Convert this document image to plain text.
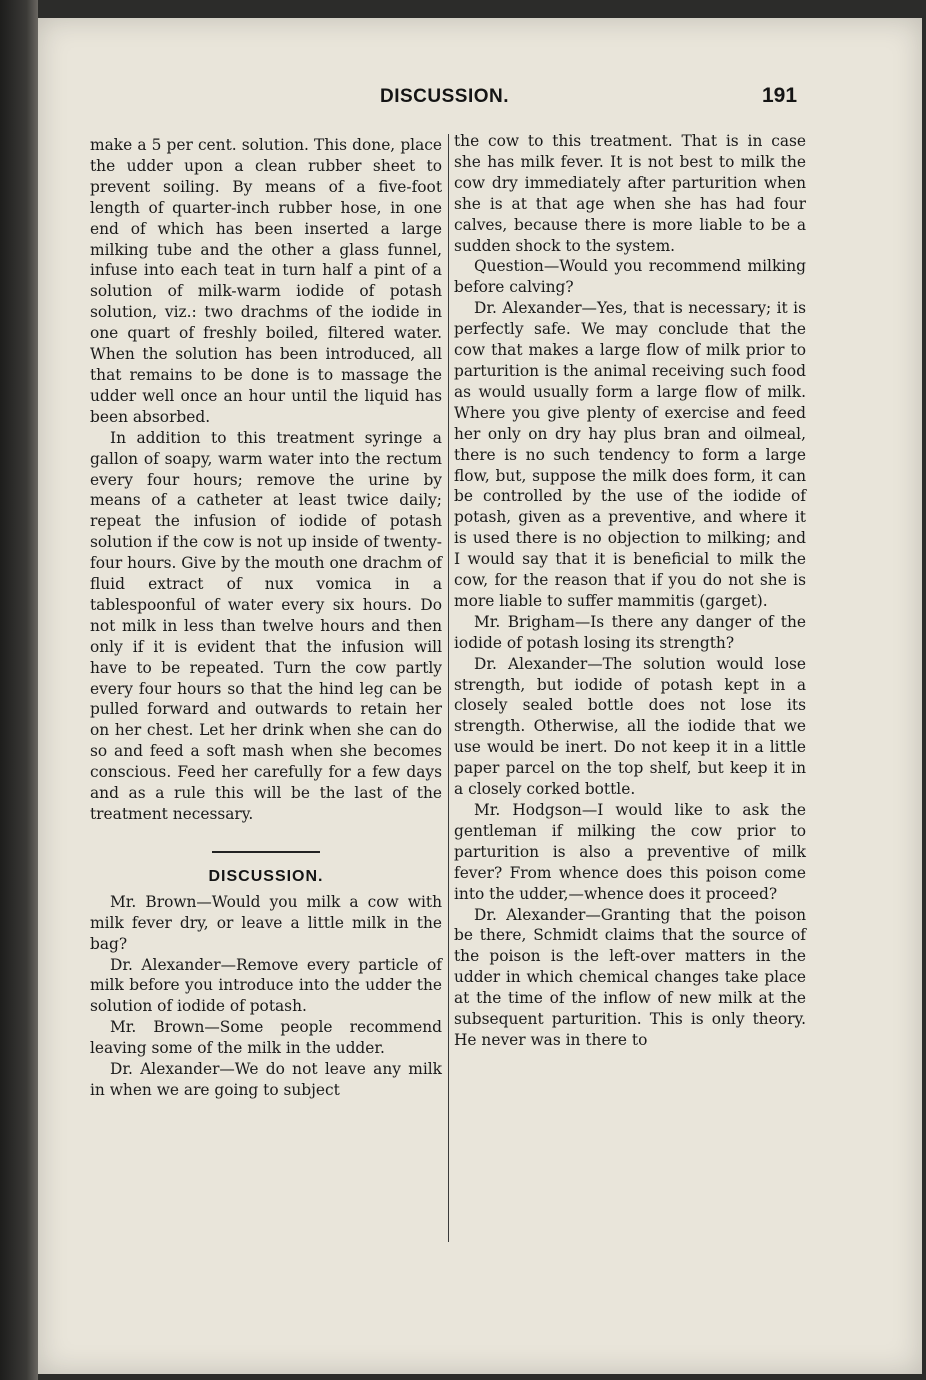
DISCUSSION.	191

make a 5 per cent. solution. This done, place the udder upon a clean rubber sheet to prevent soiling. By means of a five-foot length of quarter-inch rubber hose, in one end of which has been inserted a large milking tube and the other a glass funnel, infuse into each teat in turn half a pint of a solution of milk-warm iodide of potash solution, viz.: two drachms of the iodide in one quart of freshly boiled, filtered water. When the solution has been introduced, all that remains to be done is to massage the udder well once an hour until the liquid has been absorbed.

In addition to this treatment syringe a gallon of soapy, warm water into the rectum every four hours; remove the urine by means of a catheter at least twice daily; repeat the infusion of iodide of potash solution if the cow is not up inside of twenty-four hours. Give by the mouth one drachm of fluid extract of nux vomica in a tablespoonful of water every six hours. Do not milk in less than twelve hours and then only if it is evident that the infusion will have to be repeated. Turn the cow partly every four hours so that the hind leg can be pulled forward and outwards to retain her on her chest. Let her drink when she can do so and feed a soft mash when she becomes conscious. Feed her carefully for a few days and as a rule this will be the last of the treatment necessary.

DISCUSSION.

Mr. Brown—Would you milk a cow with milk fever dry, or leave a little milk in the bag?

Dr. Alexander—Remove every particle of milk before you introduce into the udder the solution of iodide of potash.

Mr. Brown—Some people recommend leaving some of the milk in the udder.

Dr. Alexander—We do not leave any milk in when we are going to subject

the cow to this treatment. That is in case she has milk fever. It is not best to milk the cow dry immediately after parturition when she is at that age when she has had four calves, because there is more liable to be a sudden shock to the system.

Question—Would you recommend milking before calving?

Dr. Alexander—Yes, that is necessary; it is perfectly safe. We may conclude that the cow that makes a large flow of milk prior to parturition is the animal receiving such food as would usually form a large flow of milk. Where you give plenty of exercise and feed her only on dry hay plus bran and oilmeal, there is no such tendency to form a large flow, but, suppose the milk does form, it can be controlled by the use of the iodide of potash, given as a preventive, and where it is used there is no objection to milking; and I would say that it is beneficial to milk the cow, for the reason that if you do not she is more liable to suffer mammitis (garget).

Mr. Brigham—Is there any danger of the iodide of potash losing its strength?

Dr. Alexander—The solution would lose strength, but iodide of potash kept in a closely sealed bottle does not lose its strength. Otherwise, all the iodide that we use would be inert. Do not keep it in a little paper parcel on the top shelf, but keep it in a closely corked bottle.

Mr. Hodgson—I would like to ask the gentleman if milking the cow prior to parturition is also a preventive of milk fever? From whence does this poison come into the udder,—whence does it proceed?

Dr. Alexander—Granting that the poison be there, Schmidt claims that the source of the poison is the left-over matters in the udder in which chemical changes take place at the time of the inflow of new milk at the subsequent parturition. This is only theory. He never was in there to
